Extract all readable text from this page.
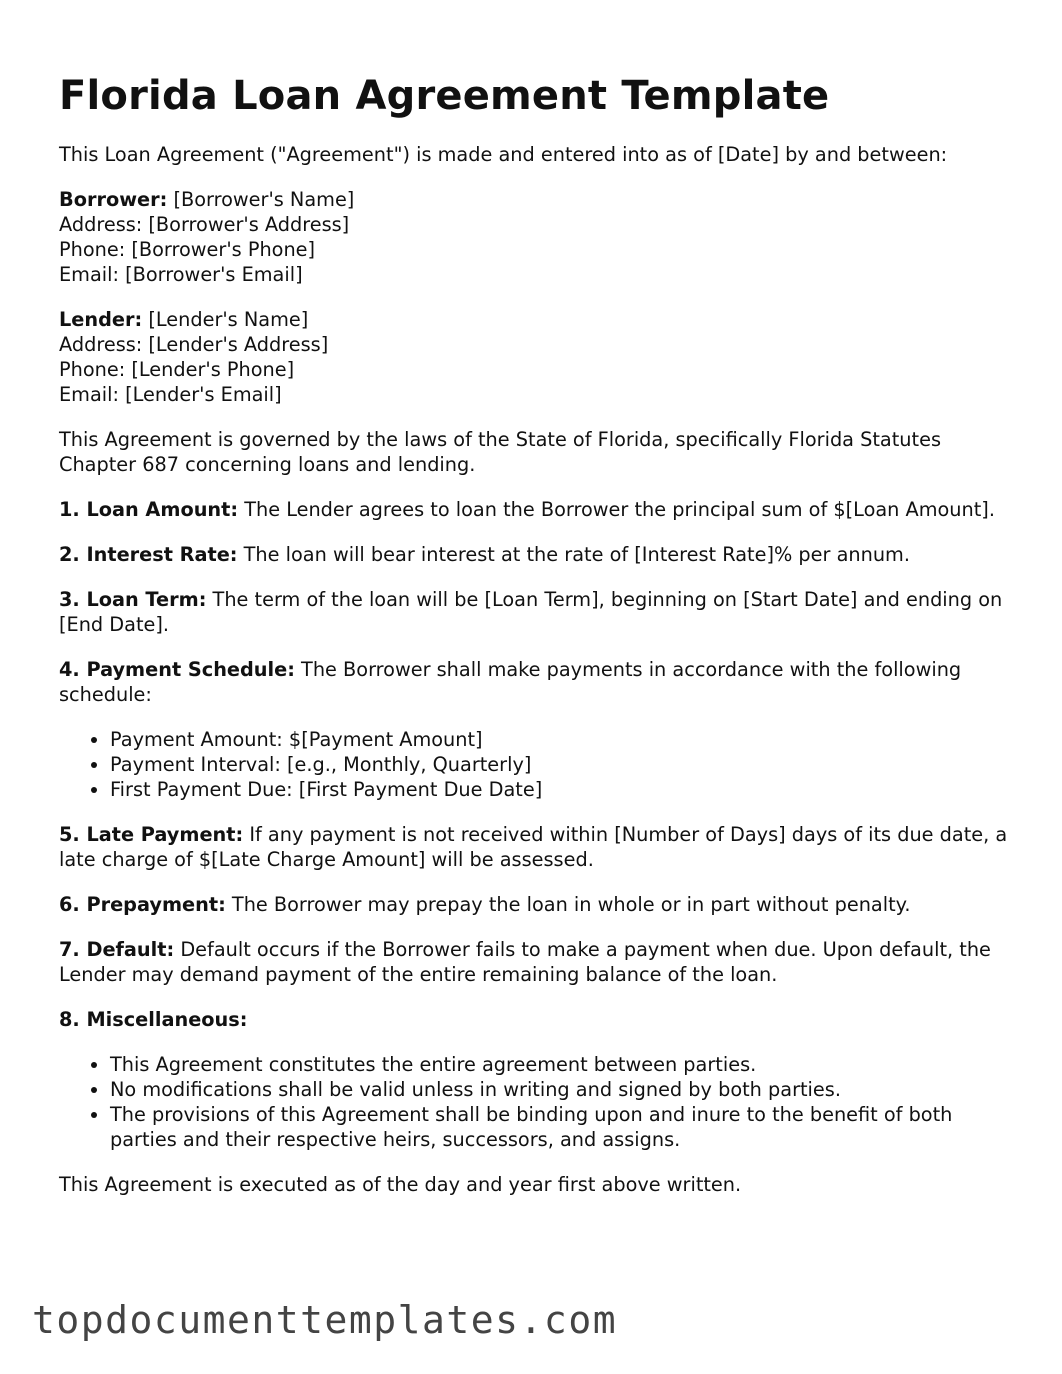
Florida Loan Agreement Template

This Loan Agreement ("Agreement") is made and entered into as of [Date] by and between:

Borrower: [Borrower's Name]
Address: [Borrower's Address]
Phone: [Borrower's Phone]
Email: [Borrower's Email]
Lender: [Lender's Name]
Address: [Lender's Address]
Phone: [Lender's Phone]
Email: [Lender's Email]

This Agreement is governed by the laws of the State of Florida, specifically Florida Statutes Chapter 687 concerning loans and lending.

1. Loan Amount: The Lender agrees to loan the Borrower the principal sum of $[Loan Amount].

2. Interest Rate: The loan will bear interest at the rate of [Interest Rate]% per annum.

3. Loan Term: The term of the loan will be [Loan Term], beginning on [Start Date] and ending on [End Date].

4. Payment Schedule: The Borrower shall make payments in accordance with the following schedule:

• Payment Amount: $[Payment Amount]
• Payment Interval: [e.g., Monthly, Quarterly]
• First Payment Due: [First Payment Due Date]

5. Late Payment: If any payment is not received within [Number of Days] days of its due date, a late charge of $[Late Charge Amount] will be assessed.

6. Prepayment: The Borrower may prepay the loan in whole or in part without penalty.

7. Default: Default occurs if the Borrower fails to make a payment when due. Upon default, the Lender may demand payment of the entire remaining balance of the loan.

8. Miscellaneous:

• This Agreement constitutes the entire agreement between parties.
• No modifications shall be valid unless in writing and signed by both parties.
• The provisions of this Agreement shall be binding upon and inure to the benefit of both parties and their respective heirs, successors, and assigns.

This Agreement is executed as of the day and year first above written.

topdocumenttemplates.com
